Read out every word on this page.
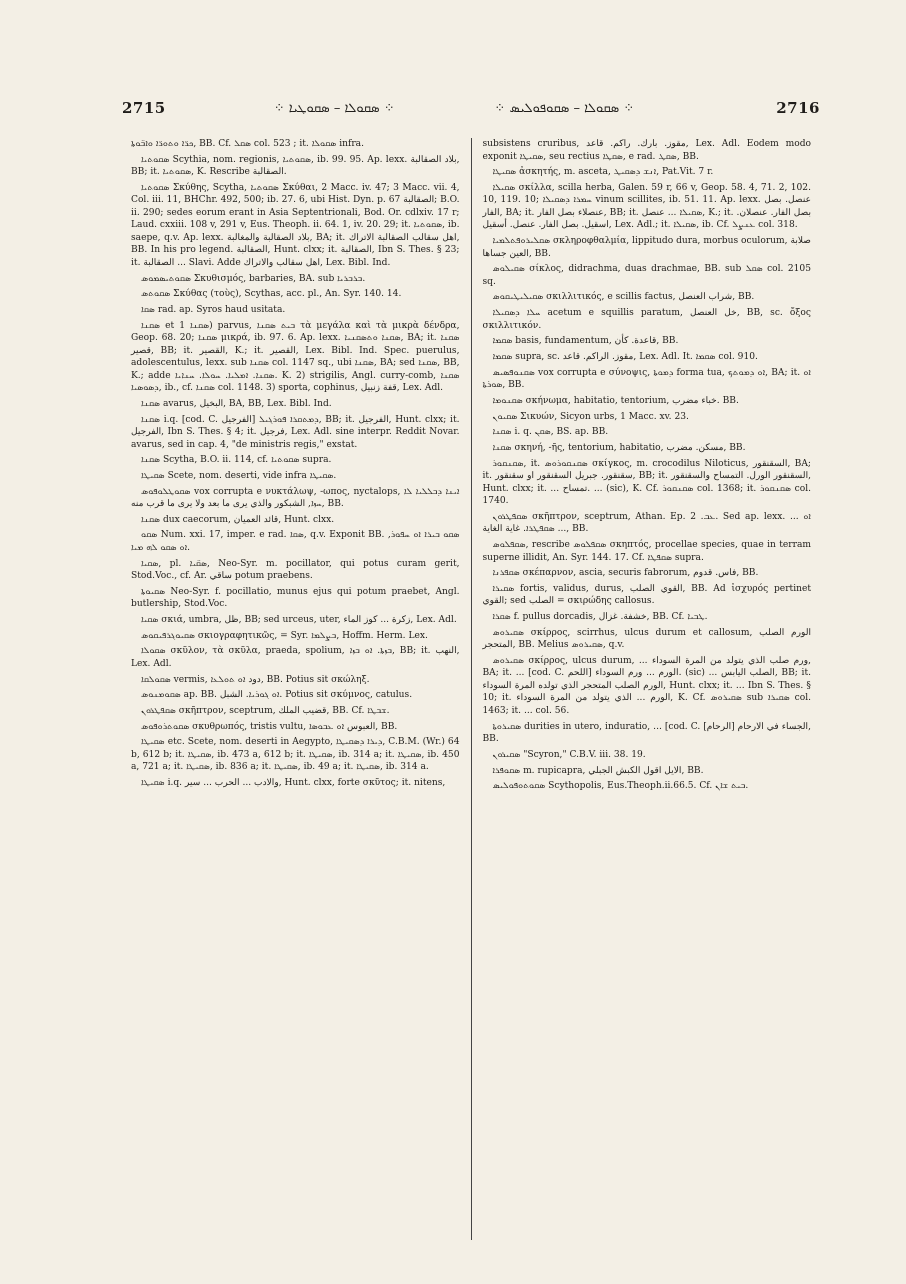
2715	⁘ ܣܩܘܠܐ – ܣܩܘܛܝܐ ⁘	⁘ ܣܩܘܠܐ – ܣܩܘܦܘܠܝܣ ⁘	2716

ܟܪ̈ܐ ܘܬܘܪ̈ܐ ܘܐܒ̈ܘܬܐ, BB. Cf. ܣܩܠ col. 523 ; it. ܣܩܘܠܐ infra.

ܣܩܘܬܝܐ Scythia, nom. regionis, ܣܩܘܬܝܐ, ib. 99. 95. Ap. lexx. بلاد الصقالبة, BB; it. ܣܩܘܬܝܐ, K. Rescribe الصقالبة.

ܣܩܘܬܝܐ Σκύθης, Scytha, ܣܩܘܬܝܐ Σκύθαι, 2 Macc. iv. 47; 3 Macc. vii. 4, Col. iii. 11, BHChr. 492, 500; ib. 27. 6, ubi Hist. Dyn. p. 67 الصقالبة; B.O. ii. 290; sedes eorum erant in Asia Septentrionali, Bod. Or. cdlxiv. 17 r; Laud. cxxiii. 108 v, 291 v, Eus. Theoph. ii. 64. 1, iv. 20. 29; it. ܣܩܘܬܝܐ, ib. saepe, q.v. Ap. lexx. بلاد الصقالبة والمغالبة, BA; it. اهل سقالب الصقالبة الاتراك, BB. In his pro legend. الصقالبة, Hunt. clxx; it. الصقالبة, Ibn S. Thes. § 23; it. الصقالبة ... Slavi. Adde اهل سقالب والاتراك, Lex. Bibl. Ind.

ܣܩܘܬܝܣܡܘܣ Σκυθισμός, barbaries, BA. sub ܒܪܒܪܝܐ.

ܣܩܘܬܣ Σκύθας (τοὺς), Scythas, acc. pl., An. Syr. 140. 14.

ܣܩܐ rad. ap. Syros haud usitata.

ܣܩܢܐ et ܣܩܢܐ 1) parvus, ܒܝܬ ܣܩܢܐ τὰ μεγάλα καὶ τὰ μικρὰ δένδρα, Geop. 68. 20; ܣܩܢܐ μικρά, ib. 97. 6. Ap. lexx. ܣܩܢܐ ܘܬܣܩܢܝܐ, BA; it. ܣܩܢܐ قصير, BB; it. القصير, K.; it. القصير, Lex. Bibl. Ind. Spec. puerulus, adolescentulus, lexx. sub ܣܩܢܐ col. 1147 sq., ubi ܣܩܢܐ, BA; sed ܣܩܢܐ, BB, K.; adde ܣܩܢܐ. ܐܡܠܝܐ. ܚܘܠܐ. ܚܢܐܝܐ. K. 2) strigilis, Angl. curry-comb, ܣܩܢܐ ܕܣܘܣܝܐ, ib., cf. ܣܩܢܐ col. 1148. 3) sporta, cophinus, قفة زنبيل, Lex. Adl.

ܣܩܢܐ avarus, البخيل, BA, BB, Lex. Bibl. Ind.

ܣܩܢܐ i.q. [cod. C. الفرجيل] ܕܡܬܩܪܐ ܦܘܪܓܝܠ, BB; it. الفرجيل, Hunt. clxx; it. الفرجيل, Ibn S. Thes. § 4; it. فرجيل, Lex. Adl. sine interpr. Reddit Novar. avarus, sed in cap. 4, "de ministris regis," exstat.

ܣܩܢܐ Scytha, B.O. ii. 114, cf. ܣܩܘܬܝܐ supra.

ܣܩܝܛܐ Scete, nom. deserti, vide infra ܣܩܝܛܐ.

ܣܩܘܛܠܘܦܘܣ vox corrupta e νυκτάλωψ, -ωπος, nyctalops, ܐܝܢܐ ܕܒܠܠܝܐ ܠܐ ܚܙܐ, الشبكور والذي يرى ما بعد ولا يرى ما قرب منه, BB.

ܣܩܢܐ dux caecorum, قائد العميان, Hunt. clxx.

ܣܩܘ Num. xxi. 17, imper. e rad. ܣܩܐ, q.v. Exponit BB. ܣܩܘ ܒܝܪܐ ܐܘ ܚܦܘܪ, ܐܘ ܣܩܘ ܠܗ ܡܝܐ.

ܣܩܝܐ, pl. ܣܩ̈ܝܐ, Neo-Syr. m. pocillator, qui potus curam gerit, Stod.Voc., cf. Ar. ساقي potum praebens.

ܣܩܝܘܬܐ Neo-Syr. f. pocillatio, munus ejus qui potum praebet, Angl. butlership, Stod.Voc.

ܣܩܝܐ σκιά, umbra, ظل, BB; sed urceus, uter, زكرة ... كوز الماء, Lex. Adl.

ܣܩܝܘܓܪܦܝܩܘܣ σκιογραφητικῶς, = Syr. ܒܨܠܡܐ, Hoffm. Herm. Lex.

ܣܩܘܠܐ σκῦλον, τὰ σκῦλα, praeda, spolium, ܒܙܬܐ. ܐܘ ܒܙܐ, BB; it. النهب, Lex. Adl.

ܣܩܘܠܩܐ vermis, دود ܐܘ ܬܘܠܥܐ, BB. Potius sit σκώληξ.

ܣܩܘܡܢܘܣ ap. BB. ܐܘ ܓܘܪܝܐ. الشبل. Potius sit σκύμνος, catulus.

ܣܩܦܛܪܘܢ σκῆπτρον, sceptrum, قضيب الملك, BB. Cf. ܫܒܛܐ.

ܣܩܘܬܪܘܦܘܣ σκυθρωπός, tristis vultu, العبوس ܐܘ ܥܒܘܣܐ, BB.

ܣܩܝܛܐ etc. Scete, nom. deserti in Aegypto, ܕܝܪܐ ܕܣܩܝܛܐ, C.B.M. (Wr.) 64 b, 612 b; it. ܣܩܝܛܐ, ib. 473 a, 612 b; it. ܣܩܝܛܐ, ib. 314 a; it. ܣܩܝܛܐ, ib. 450 a, 721 a; it. ܣܩܝܛܐ, ib. 836 a; it. ܣܩܝܛܐ, ib. 49 a; it. ܣܩܝܛܐ, ib. 314 a.

ܣܩܝܛܐ i.q. والادب ... الحرب ... سير, Hunt. clxx, forte σκῦτος; it. nitens,

subsistens cruribus, مقوز. بارك. راكم. قاعد, Lex. Adl. Eodem modo exponit ܣܩܝܛܐ, seu rectius ܣܩܛܐ, e rad. ܣܩܛ, BB.

ܣܩܝܛܐ ἀσκητής, m. asceta, ܐܢܫ ܕܣܩܝܛ, Pat.Vit. 7 r.

ܣܩܝܠܐ σκίλλα, scilla herba, Galen. 59 r, 66 v, Geop. 58. 4, 71. 2, 102. 10, 119. 10; ܚܡܪܐ ܕܣܩܝܠܐ vinum scillites, ib. 51. 11. Ap. lexx. عنصل. بصل الفار, BA; it. عنصلاء بصل الفار, BB; it. ܣܩܝܠܐ ... عنصل, K.; it. بصل الفار. عنصلان. اسقيل. بصل الفار. عنصل. أسقيل, Lex. Adl.; it. ܣܩܝܠܐ, ib. Cf. ܥܢܨܠ col. 318.

ܣܩܠܝܪܘܦܬܠܡܝܐ σκληροφθαλμία, lippitudo dura, morbus oculorum, صلابة العين جساها, BB.

ܣܩܝܠܘܣ σίκλος, didrachma, duas drachmae, BB. sub ܣܩܠ col. 2105 sq.

ܣܩܝܠܝܛܝܩܘܣ σκιλλιτικός, e scillis factus, شراب العنصل, BB.

ܚܠܐ ܕܣܩܝܠܐ acetum e squillis paratum, خل العنصل, BB, sc. ὄξος σκιλλιτικόν.

ܣܩܡܐ basis, fundamentum, قاعدة. كأن, BB.

ܣܩܡܐ supra, sc. مقوز. الراكم. قاعد, Lex. Adl. It. ܣܩܡܐ col. 910.

ܣܩܢܘܦܣܝܣ vox corrupta e σύνοψις, ܕܡܘܬܐ forma tua, ܐܘ ܕܡܘܬܟ, BA; it. ܐܘ ܣܘܪܬܐ, BB.

ܣܩܢܘܡܐ σκήνωμα, habitatio, tentorium, خباء مضرب. BB.

ܣܩܝܘܢ Σικυών, Sicyon urbs, 1 Macc. xv. 23.

ܣܩܢܐ i. q. ܣܩܢ, BS. ap. BB.

ܣܩܢܐ σκηνή, -ῆς, tentorium, habitatio, مسكن. مضرب, BB.

ܣܩܢܩܘܪ, it. ܣܩܢܩܘܪܘܣ σκίγκος, m. crocodilus Niloticus, السقنقور, BA; it. سقنقور. جبريل السقنقور او سقنقور, BB; it. السقنقور الورل. التمساح والسقنقور, Hunt. clxx; it. ... تمساح. ... (sic), K. Cf. ܣܩܢܩܘܪ col. 1368; it. ܣܩܢܩܘܪ col. 1740.

ܣܩܦܛܪܘܢ σκῆπτρον, sceptrum, Athan. Ep. ܥܒ. 2. Sed ap. lexx. ... ܐܘ ܣܩܦܛܪܐ. غاية الغاية ..., BB.

ܣܩܦܠܘܣ, rescribe ܣܩܦܠܘܣ σκηπτός, procellae species, quae in terram superne illidit, An. Syr. 144. 17. Cf. ܣܩܦܛܐ supra.

ܣܩܦܪܢܐ σκέπαρνον, ascia, securis fabrorum, فاس. قدوم, BB.

ܣܩܝܪܐ fortis, validus, durus, القوي الصلب, BB. Ad ἰσχυρός pertinet القوي; sed الصلب = σκιρώδης callosus.

ܣܩܪܐ f. pullus dorcadis, خشفة. غزال, BB. Cf. ܛܒܝܐ.

ܣܩܝܪܘܣ σκίρρος, scirrhus, ulcus durum et callosum, الورم الصلب المتحجر, BB. Melius ܣܩܝܪܘܣ, q.v.

ܣܩܝܪܘܣ σκίρρος, ulcus durum, ... ورم صلب الذي يتولد من المرة السوداء, BA; it. ... [cod. C. اللحم] الورم ... ورم السوداء. (sic) ... الصلب اليابس, BB; it. الورم الصلب المتحجر الذي تولده المرة السوداء, Hunt. clxx; it. ... Ibn S. Thes. § 10; it. الورم ... الذي يتولد من المرة السوداء, K. Cf. ܣܩܝܪܘܣ sub ܣܩܝܪܐ col. 1463; it. ... col. 56.

ܣܩܝܪܘܬܐ durities in utero, induratio, ... [cod. C. الجساء في الارحام [الرحام], BB.

ܣܩܝܪܘܢ "Scyron," C.B.V. iii. 38. 19.

ܣܩܘܦܪܐ m. rupicapra, الايل اقول الكبش الجبلي, BB.

ܣܩܘܬܘܦܘܠܝܣ Scythopolis, Eus.Theoph.ii.66.5. Cf. ܒܝܬ ܫܐܢ.
